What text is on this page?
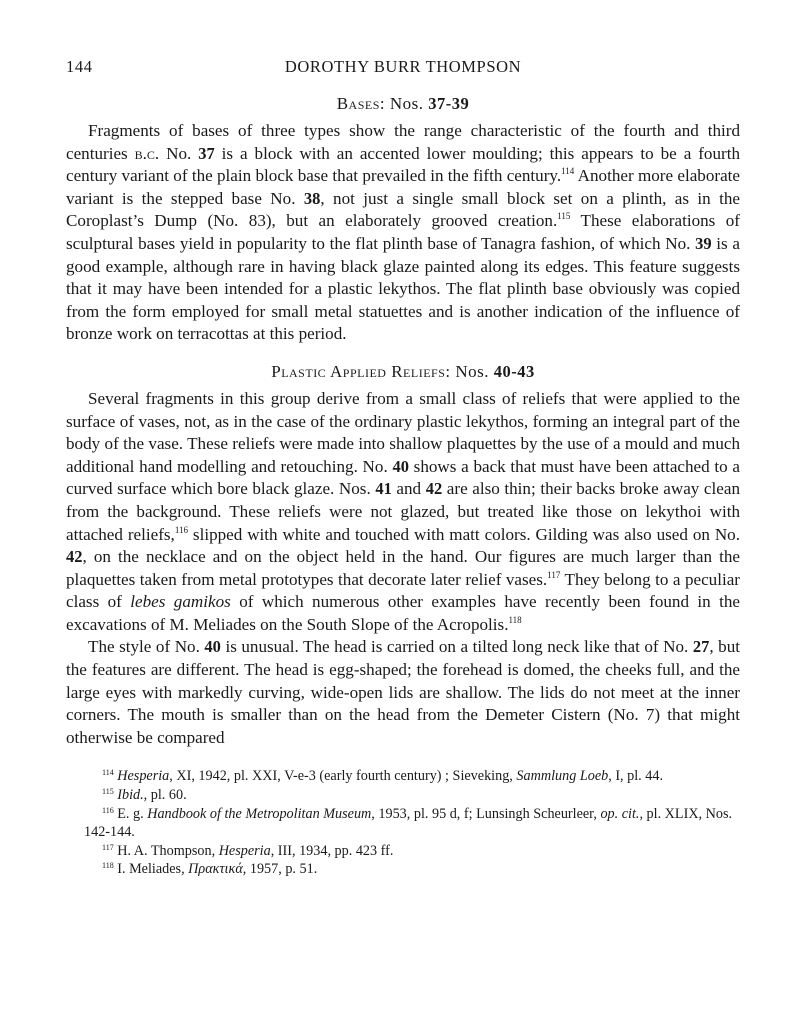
144	DOROTHY BURR THOMPSON
Bases: Nos. 37-39

Fragments of bases of three types show the range characteristic of the fourth and third centuries b.c. No. 37 is a block with an accented lower moulding; this appears to be a fourth century variant of the plain block base that prevailed in the fifth century.$^{114}$ Another more elaborate variant is the stepped base No. 38, not just a single small block set on a plinth, as in the Coroplast’s Dump (No. 83), but an elaborately grooved creation.$^{115}$ These elaborations of sculptural bases yield in popularity to the flat plinth base of Tanagra fashion, of which No. 39 is a good example, although rare in having black glaze painted along its edges. This feature suggests that it may have been intended for a plastic lekythos. The flat plinth base obviously was copied from the form employed for small metal statuettes and is another indication of the influence of bronze work on terracottas at this period.

Plastic Applied Reliefs: Nos. 40-43

Several fragments in this group derive from a small class of reliefs that were applied to the surface of vases, not, as in the case of the ordinary plastic lekythos, forming an integral part of the body of the vase. These reliefs were made into shallow plaquettes by the use of a mould and much additional hand modelling and retouching. No. 40 shows a back that must have been attached to a curved surface which bore black glaze. Nos. 41 and 42 are also thin; their backs broke away clean from the background. These reliefs were not glazed, but treated like those on lekythoi with attached reliefs,$^{116}$ slipped with white and touched with matt colors. Gilding was also used on No. 42, on the necklace and on the object held in the hand. Our figures are much larger than the plaquettes taken from metal prototypes that decorate later relief vases.$^{117}$ They belong to a peculiar class of lebes gamikos of which numerous other examples have recently been found in the excavations of M. Meliades on the South Slope of the Acropolis.$^{118}$

The style of No. 40 is unusual. The head is carried on a tilted long neck like that of No. 27, but the features are different. The head is egg-shaped; the forehead is domed, the cheeks full, and the large eyes with markedly curving, wide-open lids are shallow. The lids do not meet at the inner corners. The mouth is smaller than on the head from the Demeter Cistern (No. 7) that might otherwise be compared

$^{114}$ Hesperia, XI, 1942, pl. XXI, V-e-3 (early fourth century) ; Sieveking, Sammlung Loeb, I, pl. 44.

$^{115}$ Ibid., pl. 60.

$^{116}$ E. g. Handbook of the Metropolitan Museum, 1953, pl. 95 d, f; Lunsingh Scheurleer, op. cit., pl. XLIX, Nos. 142-144.

$^{117}$ H. A. Thompson, Hesperia, III, 1934, pp. 423 ff.

$^{118}$ I. Meliades, Πρακτικά, 1957, p. 51.
